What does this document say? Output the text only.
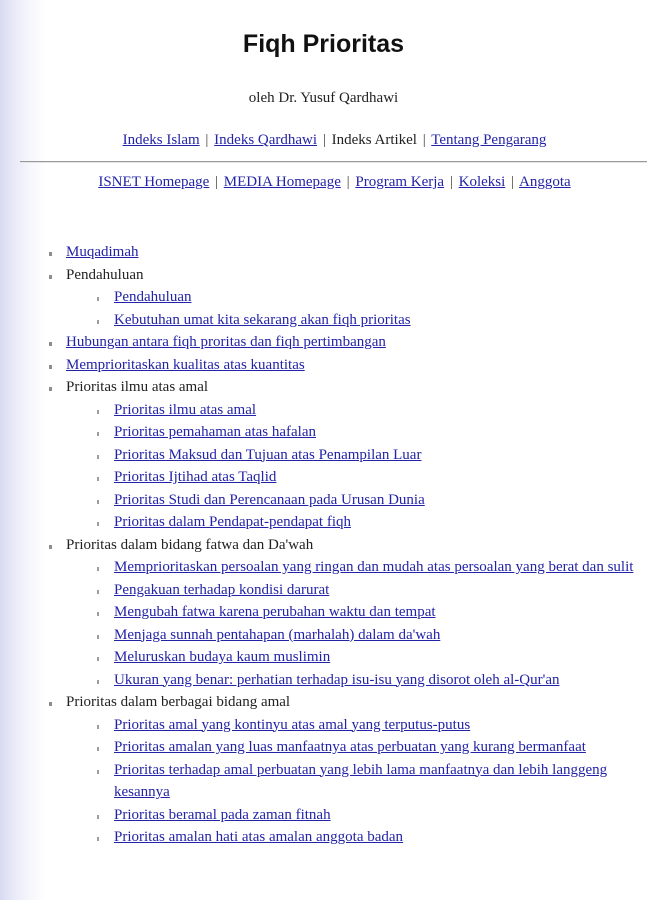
Fiqh Prioritas
oleh Dr. Yusuf Qardhawi
Indeks Islam | Indeks Qardhawi | Indeks Artikel | Tentang Pengarang
ISNET Homepage | MEDIA Homepage | Program Kerja | Koleksi | Anggota
Muqadimah
Pendahuluan
Pendahuluan
Kebutuhan umat kita sekarang akan fiqh prioritas
Hubungan antara fiqh proritas dan fiqh pertimbangan
Memprioritaskan kualitas atas kuantitas
Prioritas ilmu atas amal
Prioritas ilmu atas amal
Prioritas pemahaman atas hafalan
Prioritas Maksud dan Tujuan atas Penampilan Luar
Prioritas Ijtihad atas Taqlid
Prioritas Studi dan Perencanaan pada Urusan Dunia
Prioritas dalam Pendapat-pendapat fiqh
Prioritas dalam bidang fatwa dan Da'wah
Memprioritaskan persoalan yang ringan dan mudah atas persoalan yang berat dan sulit
Pengakuan terhadap kondisi darurat
Mengubah fatwa karena perubahan waktu dan tempat
Menjaga sunnah pentahapan (marhalah) dalam da'wah
Meluruskan budaya kaum muslimin
Ukuran yang benar: perhatian terhadap isu-isu yang disorot oleh al-Qur'an
Prioritas dalam berbagai bidang amal
Prioritas amal yang kontinyu atas amal yang terputus-putus
Prioritas amalan yang luas manfaatnya atas perbuatan yang kurang bermanfaat
Prioritas terhadap amal perbuatan yang lebih lama manfaatnya dan lebih langgeng kesannya
Prioritas beramal pada zaman fitnah
Prioritas amalan hati atas amalan anggota badan
